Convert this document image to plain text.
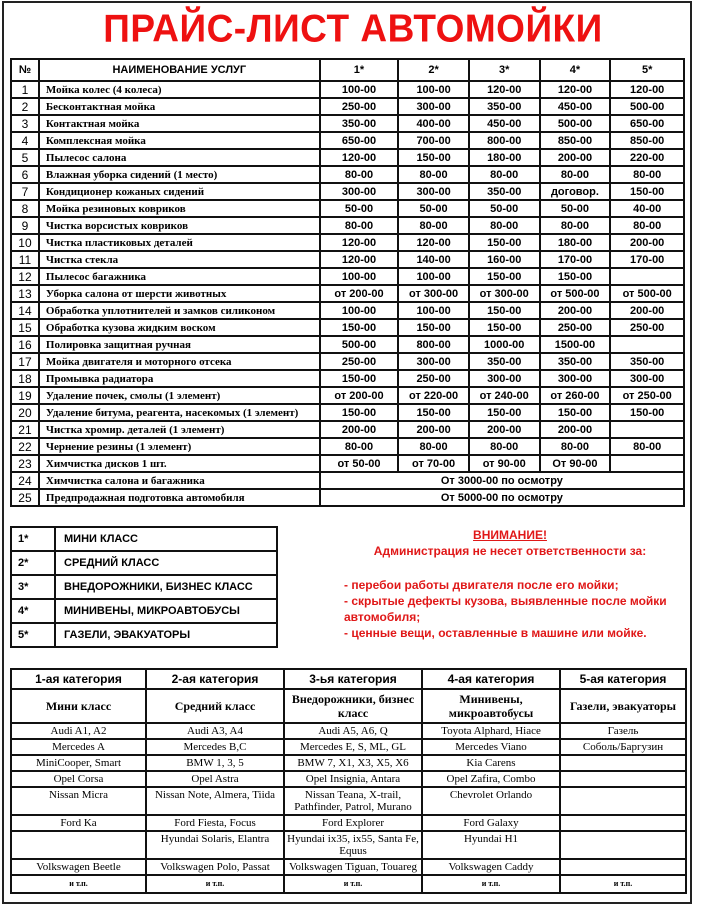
ПРАЙС-ЛИСТ АВТОМОЙКИ
№	НАИМЕНОВАНИЕ УСЛУГ	1*	2*	3*	4*	5*
1	Мойка колес (4 колеса)	100-00	100-00	120-00	120-00	120-00
2	Бесконтактная мойка	250-00	300-00	350-00	450-00	500-00
3	Контактная мойка	350-00	400-00	450-00	500-00	650-00
4	Комплексная мойка	650-00	700-00	800-00	850-00	850-00
5	Пылесос салона	120-00	150-00	180-00	200-00	220-00
6	Влажная уборка сидений (1 место)	80-00	80-00	80-00	80-00	80-00
7	Кондиционер кожаных сидений	300-00	300-00	350-00	договор.	150-00
8	Мойка резиновых ковриков	50-00	50-00	50-00	50-00	40-00
9	Чистка ворсистых ковриков	80-00	80-00	80-00	80-00	80-00
10	Чистка пластиковых деталей	120-00	120-00	150-00	180-00	200-00
11	Чистка стекла	120-00	140-00	160-00	170-00	170-00
12	Пылесос багажника	100-00	100-00	150-00	150-00	
13	Уборка салона от шерсти животных	от 200-00	от 300-00	от 300-00	от 500-00	от 500-00
14	Обработка уплотнителей и замков силиконом	100-00	100-00	150-00	200-00	200-00
15	Обработка кузова жидким воском	150-00	150-00	150-00	250-00	250-00
16	Полировка защитная ручная	500-00	800-00	1000-00	1500-00	
17	Мойка двигателя и моторного отсека	250-00	300-00	350-00	350-00	350-00
18	Промывка радиатора	150-00	250-00	300-00	300-00	300-00
19	Удаление почек, смолы (1 элемент)	от 200-00	от 220-00	от 240-00	от 260-00	от 250-00
20	Удаление битума, реагента, насекомых (1 элемент)	150-00	150-00	150-00	150-00	150-00
21	Чистка хромир. деталей (1 элемент)	200-00	200-00	200-00	200-00	
22	Чернение резины (1 элемент)	80-00	80-00	80-00	80-00	80-00
23	Химчистка дисков 1 шт.	от 50-00	от 70-00	от 90-00	От 90-00	
24	Химчистка салона и багажника	От 3000-00 по осмотру				
25	Предпродажная подготовка автомобиля	От 5000-00 по осмотру				
1*	МИНИ КЛАСС
2*	СРЕДНИЙ КЛАСС
3*	ВНЕДОРОЖНИКИ, БИЗНЕС КЛАСС
4*	МИНИВЕНЫ, МИКРОАВТОБУСЫ
5*	ГАЗЕЛИ, ЭВАКУАТОРЫ
ВНИМАНИЕ!
Администрация не несет ответственности за:
- перебои работы двигателя после его мойки;
- скрытые дефекты кузова, выявленные после мойки автомобиля;
- ценные вещи, оставленные в машине или мойке.
1-ая категория	2-ая категория	3-ья категория	4-ая категория	5-ая категория
Мини класс	Средний класс	Внедорожники, бизнес класс	Минивены, микроавтобусы	Газели, эвакуаторы
Audi A1, A2	Audi A3, A4	Audi A5, A6, Q	Toyota Alphard, Hiace	Газель
Mercedes A	Mercedes B,C	Mercedes E, S, ML, GL	Mercedes Viano	Соболь/Баргузин
MiniCooper, Smart	BMW 1, 3, 5	BMW 7, X1, X3, X5, X6	Kia Carens	
Opel Corsa	Opel Astra	Opel Insignia, Antara	Opel Zafira, Combo	
Nissan Micra	Nissan Note, Almera, Tiida	Nissan Teana, X-trail, Pathfinder, Patrol, Murano	Chevrolet Orlando	
Ford Ka	Ford Fiesta, Focus	Ford Explorer	Ford Galaxy	
	Hyundai Solaris, Elantra	Hyundai ix35, ix55, Santa Fe, Equus	Hyundai H1	
Volkswagen Beetle	Volkswagen Polo, Passat	Volkswagen Tiguan, Touareg	Volkswagen Caddy	
и т.п.	и т.п.	и т.п.	и т.п.	и т.п.
